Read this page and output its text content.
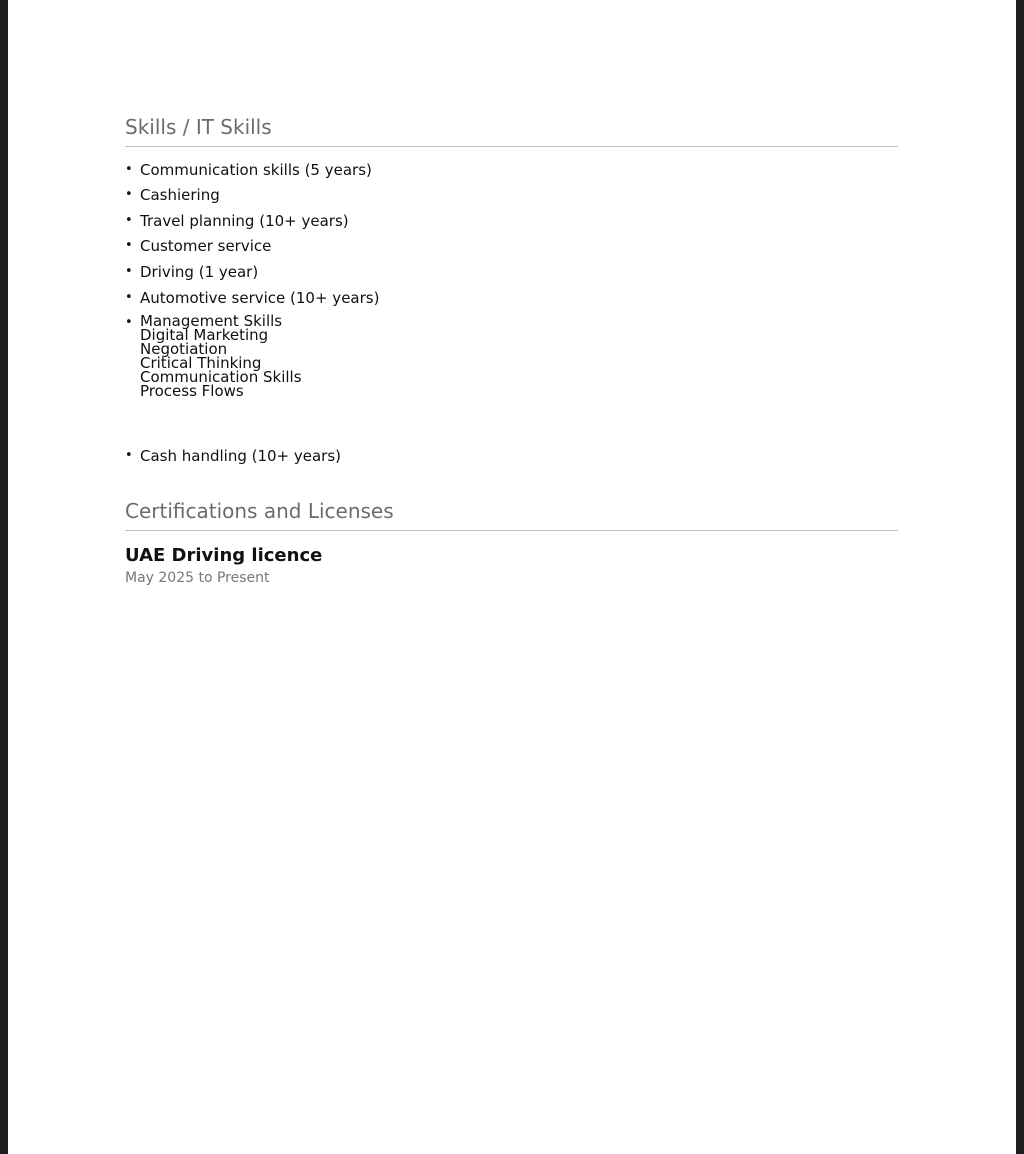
Skills / IT Skills
• Communication skills (5 years)
• Cashiering
• Travel planning (10+ years)
• Customer service
• Driving (1 year)
• Automotive service (10+ years)
• Management Skills
Digital Marketing
Negotiation
Critical Thinking
Communication Skills
Process Flows
• Cash handling (10+ years)
Certifications and Licenses
UAE Driving licence
May 2025 to Present
